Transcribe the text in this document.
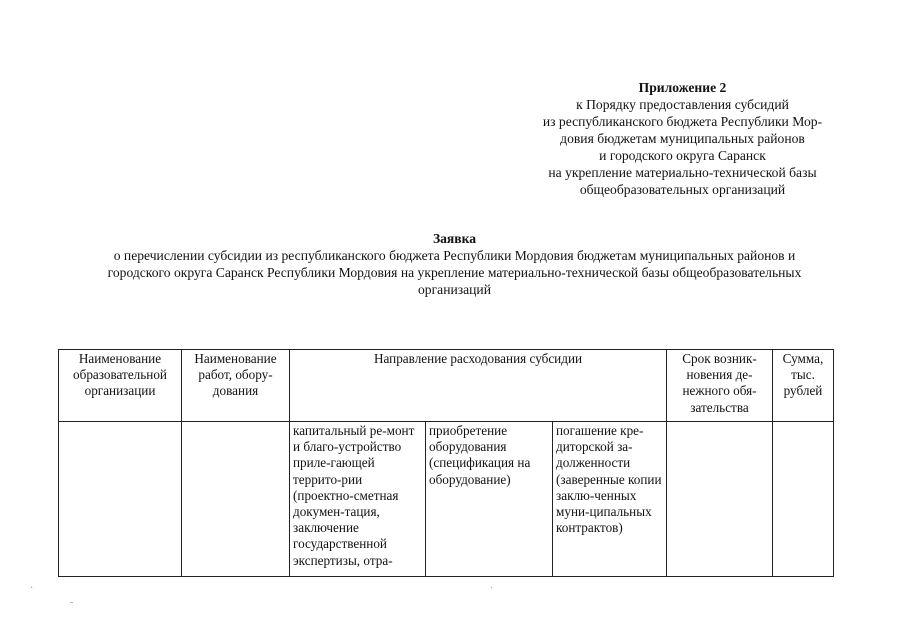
Приложение 2
к Порядку предоставления субсидий
из республиканского бюджета Республики Мор-
довия бюджетам муниципальных районов
и городского округа Саранск
на укрепление материально-технической базы
общеобразовательных организаций
Заявка
о перечислении субсидии из республиканского бюджета Республики Мордовия бюджетам муниципальных районов и
городского округа Саранск Республики Мордовия на укрепление материально-технической базы общеобразовательных
организаций
Наименование образовательной организации	Наименование работ, обору-дования	Направление расходования субсидии			Срок возник-новения де-нежного обя-зательства	Сумма, тыс. рублей
		капитальный ре-монт и благо-устройство приле-гающей террито-рии (проектно-сметная докумен-тация, заключение государственной экспертизы, отра-	приобретение оборудования (спецификация на оборудование)	погашение кре-диторской за-долженности (заверенные копии заклю-ченных муни-ципальных контрактов)		
·	·
-
